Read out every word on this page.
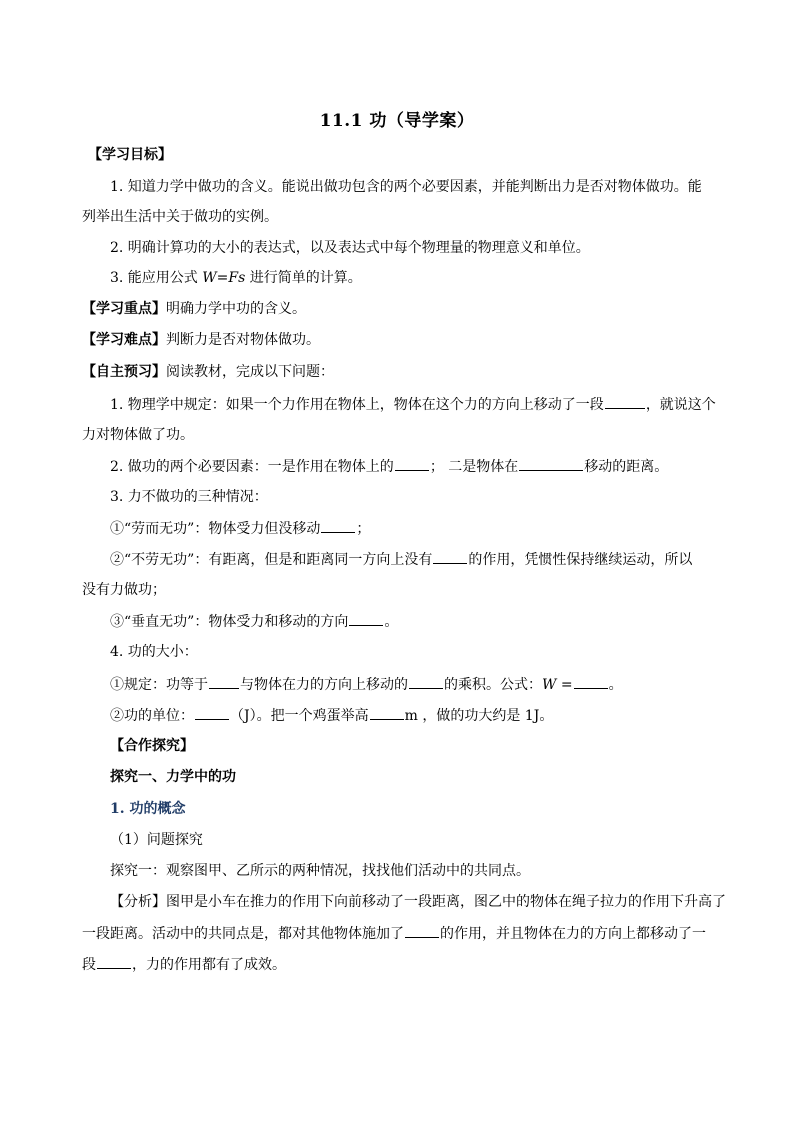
11.1 功（导学案）
【学习目标】
1. 知道力学中做功的含义。能说出做功包含的两个必要因素，并能判断出力是否对物体做功。能
列举出生活中关于做功的实例。
2. 明确计算功的大小的表达式，以及表达式中每个物理量的物理意义和单位。
3. 能应用公式 W=Fs 进行简单的计算。
【学习重点】明确力学中功的含义。
【学习难点】判断力是否对物体做功。
【自主预习】阅读教材，完成以下问题：
1. 物理学中规定：如果一个力作用在物体上，物体在这个力的方向上移动了一段	，就说这个
力对物体做了功。
2. 做功的两个必要因素：一是作用在物体上的	； 二是物体在	移动的距离。
3. 力不做功的三种情况：
①“劳而无功”：物体受力但没移动	；
②“不劳无功”：有距离，但是和距离同一方向上没有	的作用，凭惯性保持继续运动，所以
没有力做功；
③“垂直无功”：物体受力和移动的方向	。
4. 功的大小：
①规定：功等于 与物体在力的方向上移动的	的乘积。公式：W =	。
②功的单位：	（J）。把一个鸡蛋举高	m ，做的功大约是 1J。
【合作探究】
探究一、力学中的功
1. 功的概念
（1）问题探究
探究一：观察图甲、乙所示的两种情况，找找他们活动中的共同点。
【分析】图甲是小车在推力的作用下向前移动了一段距离，图乙中的物体在绳子拉力的作用下升高了
一段距离。活动中的共同点是，都对其他物体施加了	的作用，并且物体在力的方向上都移动了一
段	，力的作用都有了成效。
